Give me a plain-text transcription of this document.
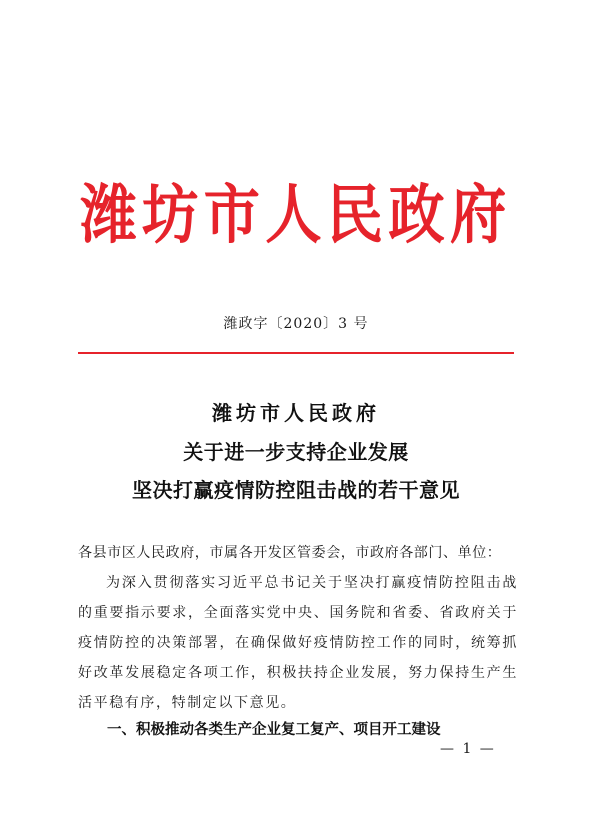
潍坊市人民政府
潍政字〔2020〕3 号
潍坊市人民政府
关于进一步支持企业发展
坚决打赢疫情防控阻击战的若干意见
各县市区人民政府，市属各开发区管委会，市政府各部门、单位：
为深入贯彻落实习近平总书记关于坚决打赢疫情防控阻击战的重要指示要求，全面落实党中央、国务院和省委、省政府关于疫情防控的决策部署，在确保做好疫情防控工作的同时，统筹抓好改革发展稳定各项工作，积极扶持企业发展，努力保持生产生活平稳有序，特制定以下意见。
一、积极推动各类生产企业复工复产、项目开工建设
— 1 —
